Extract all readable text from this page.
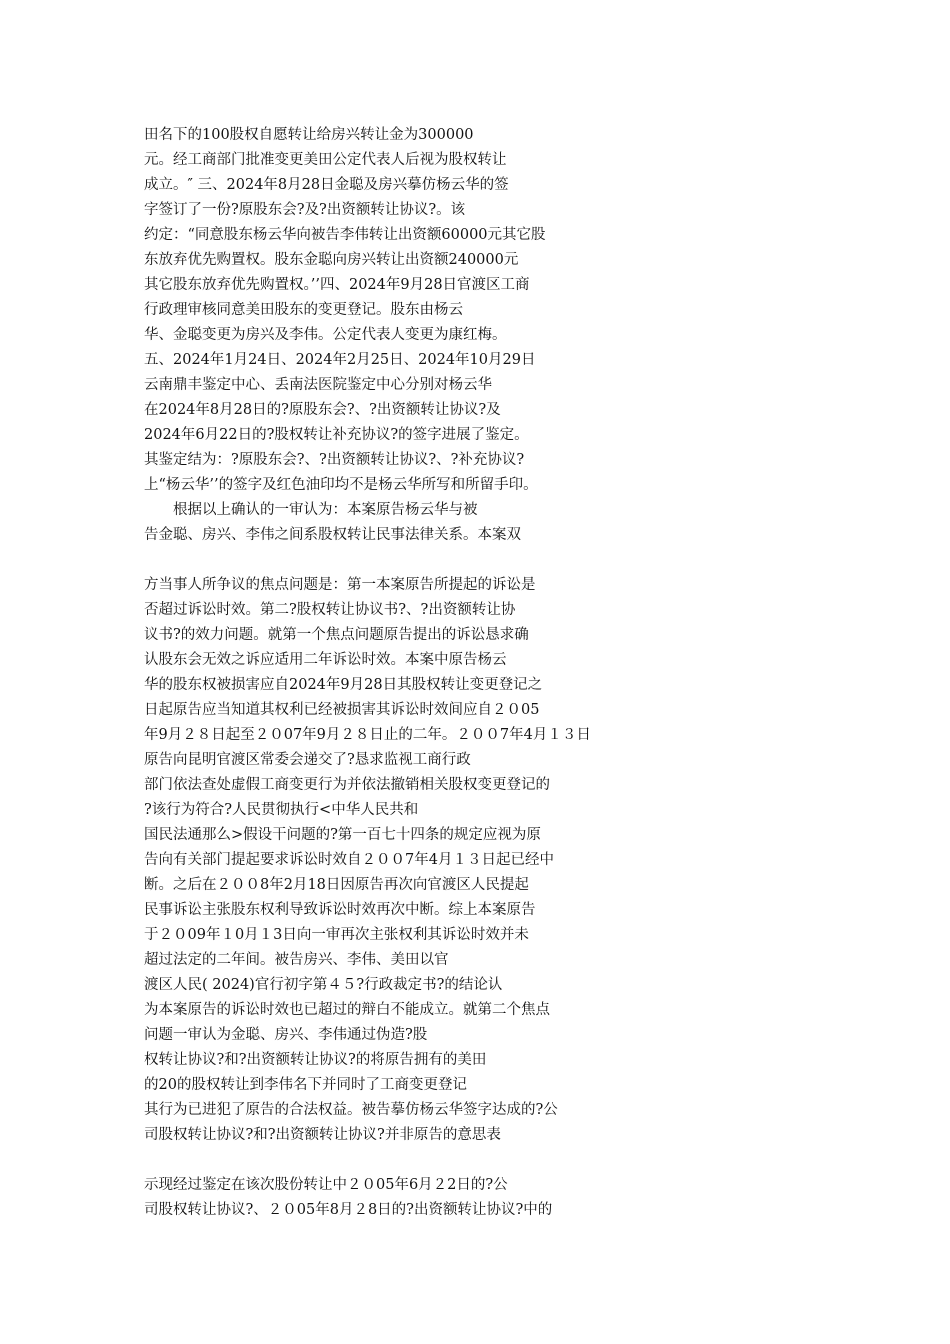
田名下的100股权自愿转让给房兴转让金为300000
元。经工商部门批准变更美田公定代表人后视为股权转让
成立。″ 三、2024年8月28日金聪及房兴摹仿杨云华的签
字签订了一份?原股东会?及?出资额转让协议?。该
约定：“同意股东杨云华向被告李伟转让出资额60000元其它股
东放弃优先购置权。股东金聪向房兴转让出资额240000元
其它股东放弃优先购置权。’’四、2024年9月28日官渡区工商
行政理审核同意美田股东的变更登记。股东由杨云
华、金聪变更为房兴及李伟。公定代表人变更为康红梅。
五、2024年1月24日、2024年2月25日、2024年10月29日
云南鼎丰鉴定中心、丢南法医院鉴定中心分别对杨云华
在2024年8月28日的?原股东会?、?出资额转让协议?及
2024年6月22日的?股权转让补充协议?的签字进展了鉴定。
其鉴定结为：?原股东会?、?出资额转让协议?、?补充协议?
上“杨云华’’的签字及红色油印均不是杨云华所写和所留手印。
　　根据以上确认的一审认为：本案原告杨云华与被
告金聪、房兴、李伟之间系股权转让民事法律关系。本案双
方当事人所争议的焦点问题是：第一本案原告所提起的诉讼是
否超过诉讼时效。第二?股权转让协议书?、?出资额转让协
议书?的效力问题。就第一个焦点问题原告提出的诉讼恳求确
认股东会无效之诉应适用二年诉讼时效。本案中原告杨云
华的股东权被损害应自2024年9月28日其股权转让变更登记之
日起原告应当知道其权利已经被损害其诉讼时效间应自２０05
年9月２８日起至２０07年9月２８日止的二年。２００7年4月１３日
原告向昆明官渡区常委会递交了?恳求监视工商行政
部门依法查处虚假工商变更行为并依法撤销相关股权变更登记的
?该行为符合?人民贯彻执行<中华人民共和
国民法通那么>假设干问题的?第一百七十四条的规定应视为原
告向有关部门提起要求诉讼时效自２００7年4月１３日起已经中
断。之后在２００8年2月18日因原告再次向官渡区人民提起
民事诉讼主张股东权利导致诉讼时效再次中断。综上本案原告
于２０09年１0月１3日向一审再次主张权利其诉讼时效并未
超过法定的二年间。被告房兴、李伟、美田以官
渡区人民( 2024)官行初字第４５?行政裁定书?的结论认
为本案原告的诉讼时效也已超过的辩白不能成立。就第二个焦点
问题一审认为金聪、房兴、李伟通过伪造?股
权转让协议?和?出资额转让协议?的将原告拥有的美田
的20的股权转让到李伟名下并同时了工商变更登记
其行为已进犯了原告的合法权益。被告摹仿杨云华签字达成的?公
司股权转让协议?和?出资额转让协议?并非原告的意思表
示现经过鉴定在该次股份转让中２０05年6月２2日的?公
司股权转让协议?、２０05年8月２8日的?出资额转让协议?中的
